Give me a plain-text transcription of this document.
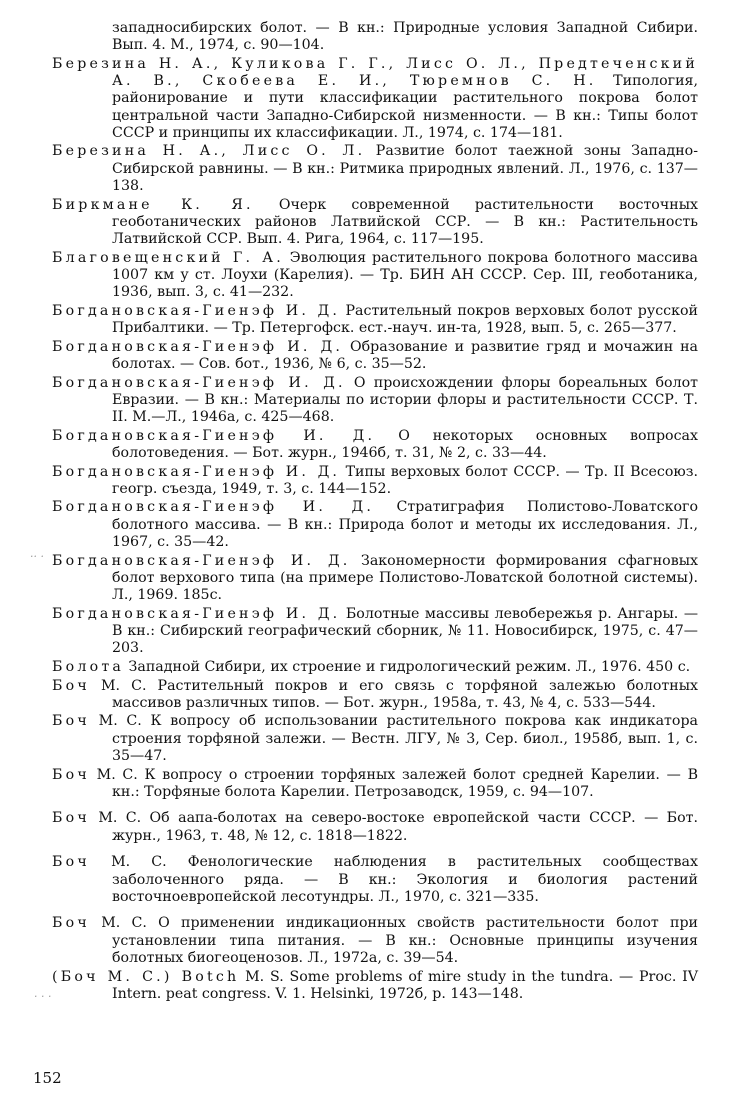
западносибирских болот. — В кн.: Природные условия Западной Сибири. Вып. 4. М., 1974, с. 90—104.

Березина Н. А., Куликова Г. Г., Лисс О. Л., Предтеченский А. В., Скобеева Е. И., Тюремнов С. Н. Типология, районирование и пути классификации растительного покрова болот центральной части Западно-Сибирской низменности. — В кн.: Типы болот СССР и принципы их классификации. Л., 1974, с. 174—181.

Березина Н. А., Лисс О. Л. Развитие болот таежной зоны Западно-Сибирской равнины. — В кн.: Ритмика природных явлений. Л., 1976, с. 137—138.

Биркмане К. Я. Очерк современной растительности восточных геоботанических районов Латвийской ССР. — В кн.: Растительность Латвийской ССР. Вып. 4. Рига, 1964, с. 117—195.

Благовещенский Г. А. Эволюция растительного покрова болотного массива 1007 км у ст. Лоухи (Карелия). — Тр. БИН АН СССР. Сер. III, геоботаника, 1936, вып. 3, с. 41—232.

Богдановская-Гиенэф И. Д. Растительный покров верховых болот русской Прибалтики. — Тр. Петергофск. ест.-науч. ин-та, 1928, вып. 5, с. 265—377.

Богдановская-Гиенэф И. Д. Образование и развитие гряд и мочажин на болотах. — Сов. бот., 1936, № 6, с. 35—52.

Богдановская-Гиенэф И. Д. О происхождении флоры бореальных болот Евразии. — В кн.: Материалы по истории флоры и растительности СССР. Т. II. М.—Л., 1946а, с. 425—468.

Богдановская-Гиенэф И. Д. О некоторых основных вопросах болотоведения. — Бот. журн., 1946б, т. 31, № 2, с. 33—44.

Богдановская-Гиенэф И. Д. Типы верховых болот СССР. — Тр. II Всесоюз. геогр. съезда, 1949, т. 3, с. 144—152.

Богдановская-Гиенэф И. Д. Стратиграфия Полистово-Ловатского болотного массива. — В кн.: Природа болот и методы их исследования. Л., 1967, с. 35—42.

Богдановская-Гиенэф И. Д. Закономерности формирования сфагновых болот верхового типа (на примере Полистово-Ловатской болотной системы). Л., 1969. 185с.

Богдановская-Гиенэф И. Д. Болотные массивы левобережья р. Ангары. — В кн.: Сибирский географический сборник, № 11. Новосибирск, 1975, с. 47—203.

Болота Западной Сибири, их строение и гидрологический режим. Л., 1976. 450 с.

Боч М. С. Растительный покров и его связь с торфяной залежью болотных массивов различных типов. — Бот. журн., 1958а, т. 43, № 4, с. 533—544.

Боч М. С. К вопросу об использовании растительного покрова как индикатора строения торфяной залежи. — Вестн. ЛГУ, № 3, Сер. биол., 1958б, вып. 1, с. 35—47.

Боч М. С. К вопросу о строении торфяных залежей болот средней Карелии. — В кн.: Торфяные болота Карелии. Петрозаводск, 1959, с. 94—107.

Боч М. С. Об аапа-болотах на северо-востоке европейской части СССР. — Бот. журн., 1963, т. 48, № 12, с. 1818—1822.

Боч М. С. Фенологические наблюдения в растительных сообществах заболоченного ряда. — В кн.: Экология и биология растений восточноевропейской лесотундры. Л., 1970, с. 321—335.

Боч М. С. О применении индикационных свойств растительности болот при установлении типа питания. — В кн.: Основные принципы изучения болотных биогеоценозов. Л., 1972а, с. 39—54.

(Боч М. С.) Botch M. S. Some problems of mire study in the tundra. — Proc. IV Intern. peat congress. V. 1. Helsinki, 1972б, p. 143—148.

·· ·
· · ·
152
